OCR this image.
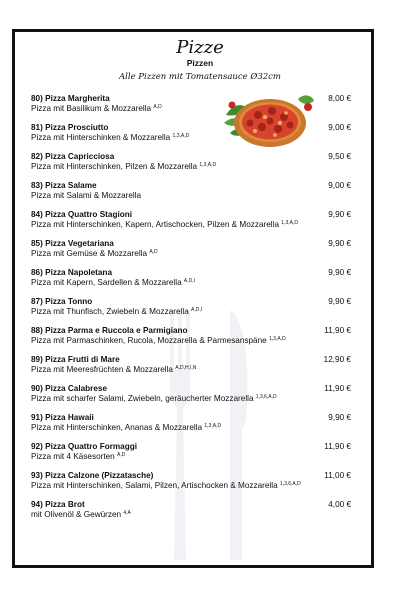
Pizze
Pizzen
Alle Pizzen mit Tomatensauce Ø32cm
80) Pizza Margherita
Pizza mit Basilikum & Mozzarella $^{A,D}$
8,00 €
81) Pizza Prosciutto
Pizza mit Hinterschinken & Mozzarella $^{1,3,A,D}$
9,00 €
82) Pizza Capricciosa
Pizza mit Hinterschinken, Pilzen & Mozzarella $^{1,3,A,D}$
9,50 €
83) Pizza Salame
Pizza mit Salami & Mozzarella
9,00 €
84) Pizza Quattro Stagioni
Pizza mit Hinterschinken, Kapern, Artischocken, Pilzen & Mozzarella $^{1,3,A,D}$
9,90 €
85) Pizza Vegetariana
Pizza mit Gemüse & Mozzarella $^{A,D}$
9,90 €
86) Pizza Napoletana
Pizza mit Kapern, Sardellen & Mozzarella $^{A,D,I}$
9,90 €
87) Pizza Tonno
Pizza mit Thunfisch, Zwiebeln & Mozzarella $^{A,D,I}$
9,90 €
88) Pizza Parma e Ruccola e Parmigiano
Pizza mit Parmaschinken, Rucola, Mozzarella & Parmesanspäne $^{1,3,A,D}$
11,90 €
89) Pizza Frutti di Mare
Pizza mit Meeresfrüchten & Mozzarella $^{A,D,H,I,N}$
12,90 €
90) Pizza Calabrese
Pizza mit scharfer Salami, Zwiebeln, geräucherter Mozzarella $^{1,3,6,A,D}$
11,90 €
91) Pizza Hawaii
Pizza mit Hinterschinken, Ananas & Mozzarella $^{1,3,A,D}$
9,90 €
92) Pizza Quattro Formaggi
Pizza mit 4 Käsesorten $^{A,D}$
11,90 €
93) Pizza Calzone (Pizzatasche)
Pizza mit Hinterschinken, Salami, Pilzen, Artischocken & Mozzarella $^{1,3,6,A,D}$
11,00 €
94) Pizza Brot
mit Olivenöl & Gewürzen $^{4,A}$
4,00 €
